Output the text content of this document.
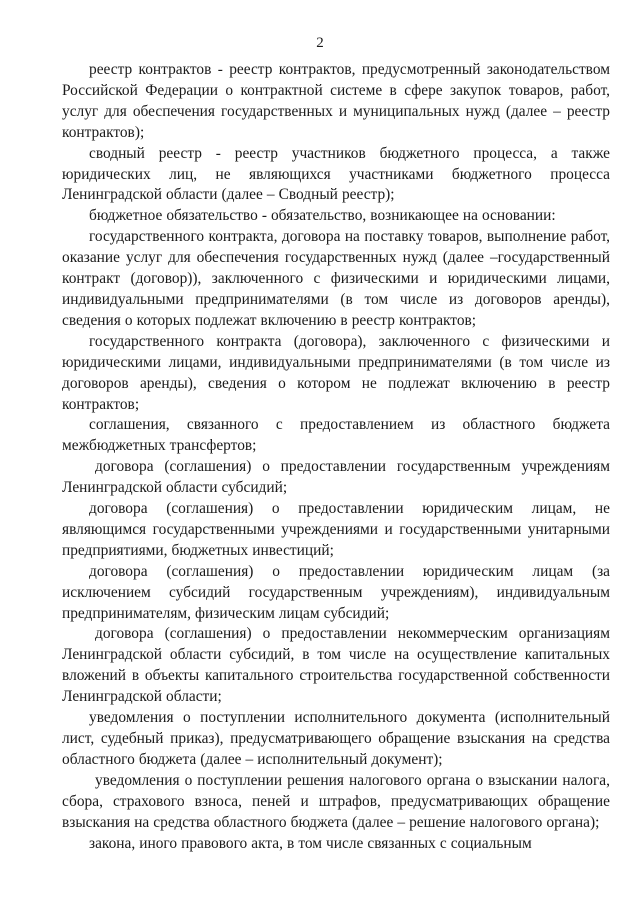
2

реестр контрактов - реестр контрактов, предусмотренный законодательством Российской Федерации о контрактной системе в сфере закупок товаров, работ, услуг для обеспечения государственных и муниципальных нужд (далее – реестр контрактов);

сводный реестр - реестр участников бюджетного процесса, а также юридических лиц, не являющихся участниками бюджетного процесса Ленинградской области (далее – Сводный реестр);

бюджетное обязательство - обязательство, возникающее на основании:

государственного контракта, договора на поставку товаров, выполнение работ, оказание услуг для обеспечения государственных нужд (далее –государственный контракт (договор)), заключенного с физическими и юридическими лицами, индивидуальными предпринимателями (в том числе из договоров аренды), сведения о которых подлежат включению в реестр контрактов;

государственного контракта (договора), заключенного с физическими и юридическими лицами, индивидуальными предпринимателями (в том числе из договоров аренды), сведения о котором не подлежат включению в реестр контрактов;

соглашения, связанного с предоставлением из областного бюджета межбюджетных трансфертов;

договора (соглашения) о предоставлении государственным учреждениям Ленинградской области субсидий;

договора (соглашения) о предоставлении юридическим лицам, не являющимся государственными учреждениями и государственными унитарными предприятиями, бюджетных инвестиций;

договора (соглашения) о предоставлении юридическим лицам (за исключением субсидий государственным учреждениям), индивидуальным предпринимателям, физическим лицам субсидий;

договора (соглашения) о предоставлении некоммерческим организациям Ленинградской области субсидий, в том числе на осуществление капитальных вложений в объекты капитального строительства государственной собственности Ленинградской области;

уведомления о поступлении исполнительного документа (исполнительный лист, судебный приказ), предусматривающего обращение взыскания на средства областного бюджета (далее – исполнительный документ);

уведомления о поступлении решения налогового органа о взыскании налога, сбора, страхового взноса, пеней и штрафов, предусматривающих обращение взыскания на средства областного бюджета (далее – решение налогового органа);

закона, иного правового акта, в том числе связанных с социальным
